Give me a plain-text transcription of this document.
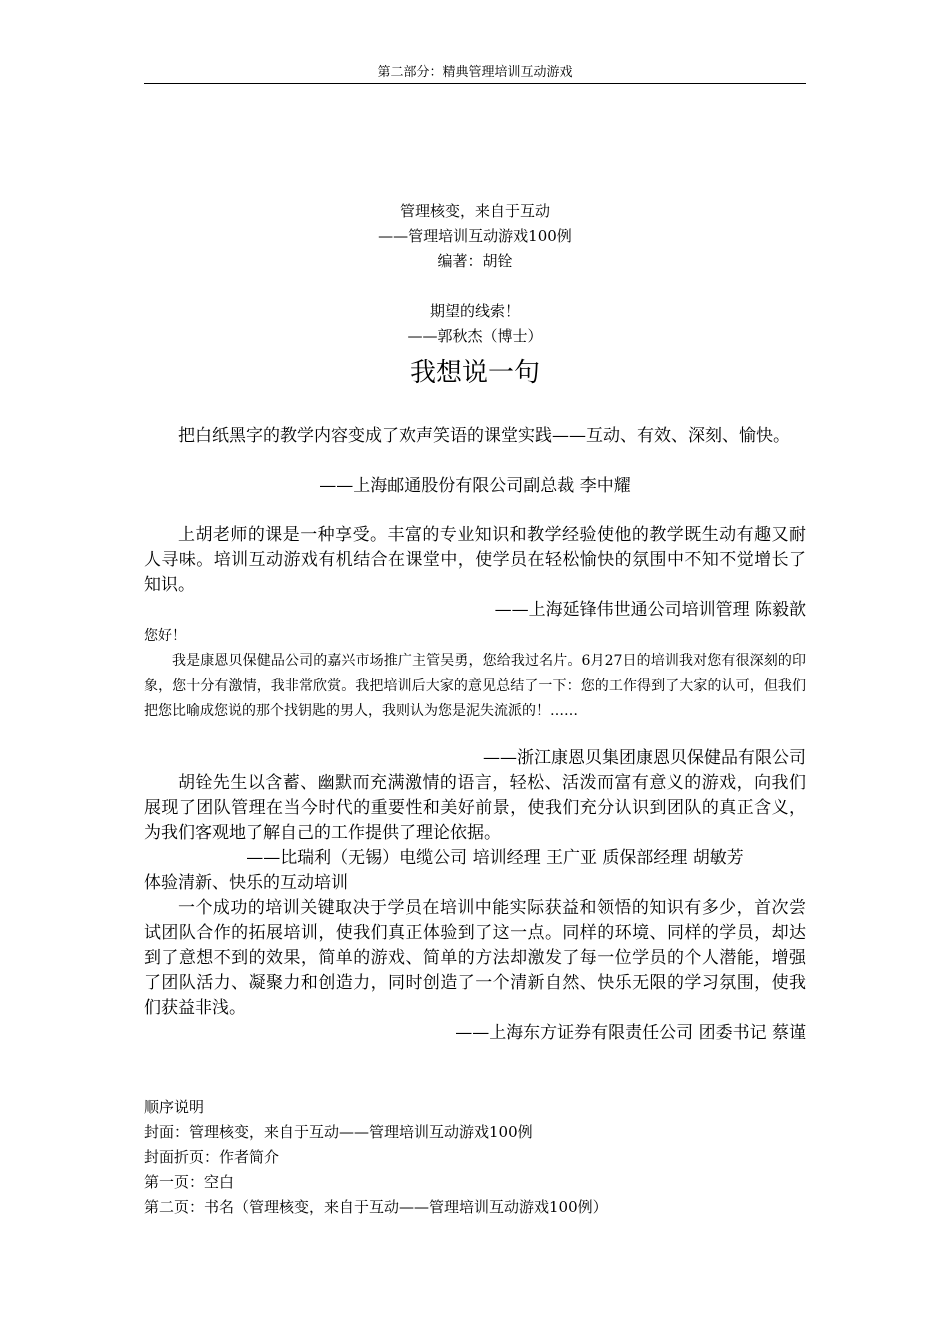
第二部分：精典管理培训互动游戏
管理核变，来自于互动
——管理培训互动游戏100例
编著：胡铨
期望的线索！
——郭秋杰（博士）
我想说一句
把白纸黑字的教学内容变成了欢声笑语的课堂实践——互动、有效、深刻、愉快。
——上海邮通股份有限公司副总裁 李中耀
上胡老师的课是一种享受。丰富的专业知识和教学经验使他的教学既生动有趣又耐人寻味。培训互动游戏有机结合在课堂中，使学员在轻松愉快的氛围中不知不觉增长了知识。
——上海延锋伟世通公司培训管理 陈毅歆
您好！
我是康恩贝保健品公司的嘉兴市场推广主管吴勇，您给我过名片。6月27日的培训我对您有很深刻的印象，您十分有激情，我非常欣赏。我把培训后大家的意见总结了一下：您的工作得到了大家的认可，但我们把您比喻成您说的那个找钥匙的男人，我则认为您是泥失流派的！……
——浙江康恩贝集团康恩贝保健品有限公司
胡铨先生以含蓄、幽默而充满激情的语言，轻松、活泼而富有意义的游戏，向我们展现了团队管理在当今时代的重要性和美好前景，使我们充分认识到团队的真正含义，为我们客观地了解自己的工作提供了理论依据。
——比瑞利（无锡）电缆公司 培训经理 王广亚 质保部经理 胡敏芳
体验清新、快乐的互动培训
一个成功的培训关键取决于学员在培训中能实际获益和领悟的知识有多少，首次尝试团队合作的拓展培训，使我们真正体验到了这一点。同样的环境、同样的学员，却达到了意想不到的效果，简单的游戏、简单的方法却激发了每一位学员的个人潜能，增强了团队活力、凝聚力和创造力，同时创造了一个清新自然、快乐无限的学习氛围，使我们获益非浅。
——上海东方证券有限责任公司 团委书记 蔡谨
顺序说明
封面：管理核变，来自于互动——管理培训互动游戏100例
封面折页：作者简介
第一页：空白
第二页：书名（管理核变，来自于互动——管理培训互动游戏100例）
